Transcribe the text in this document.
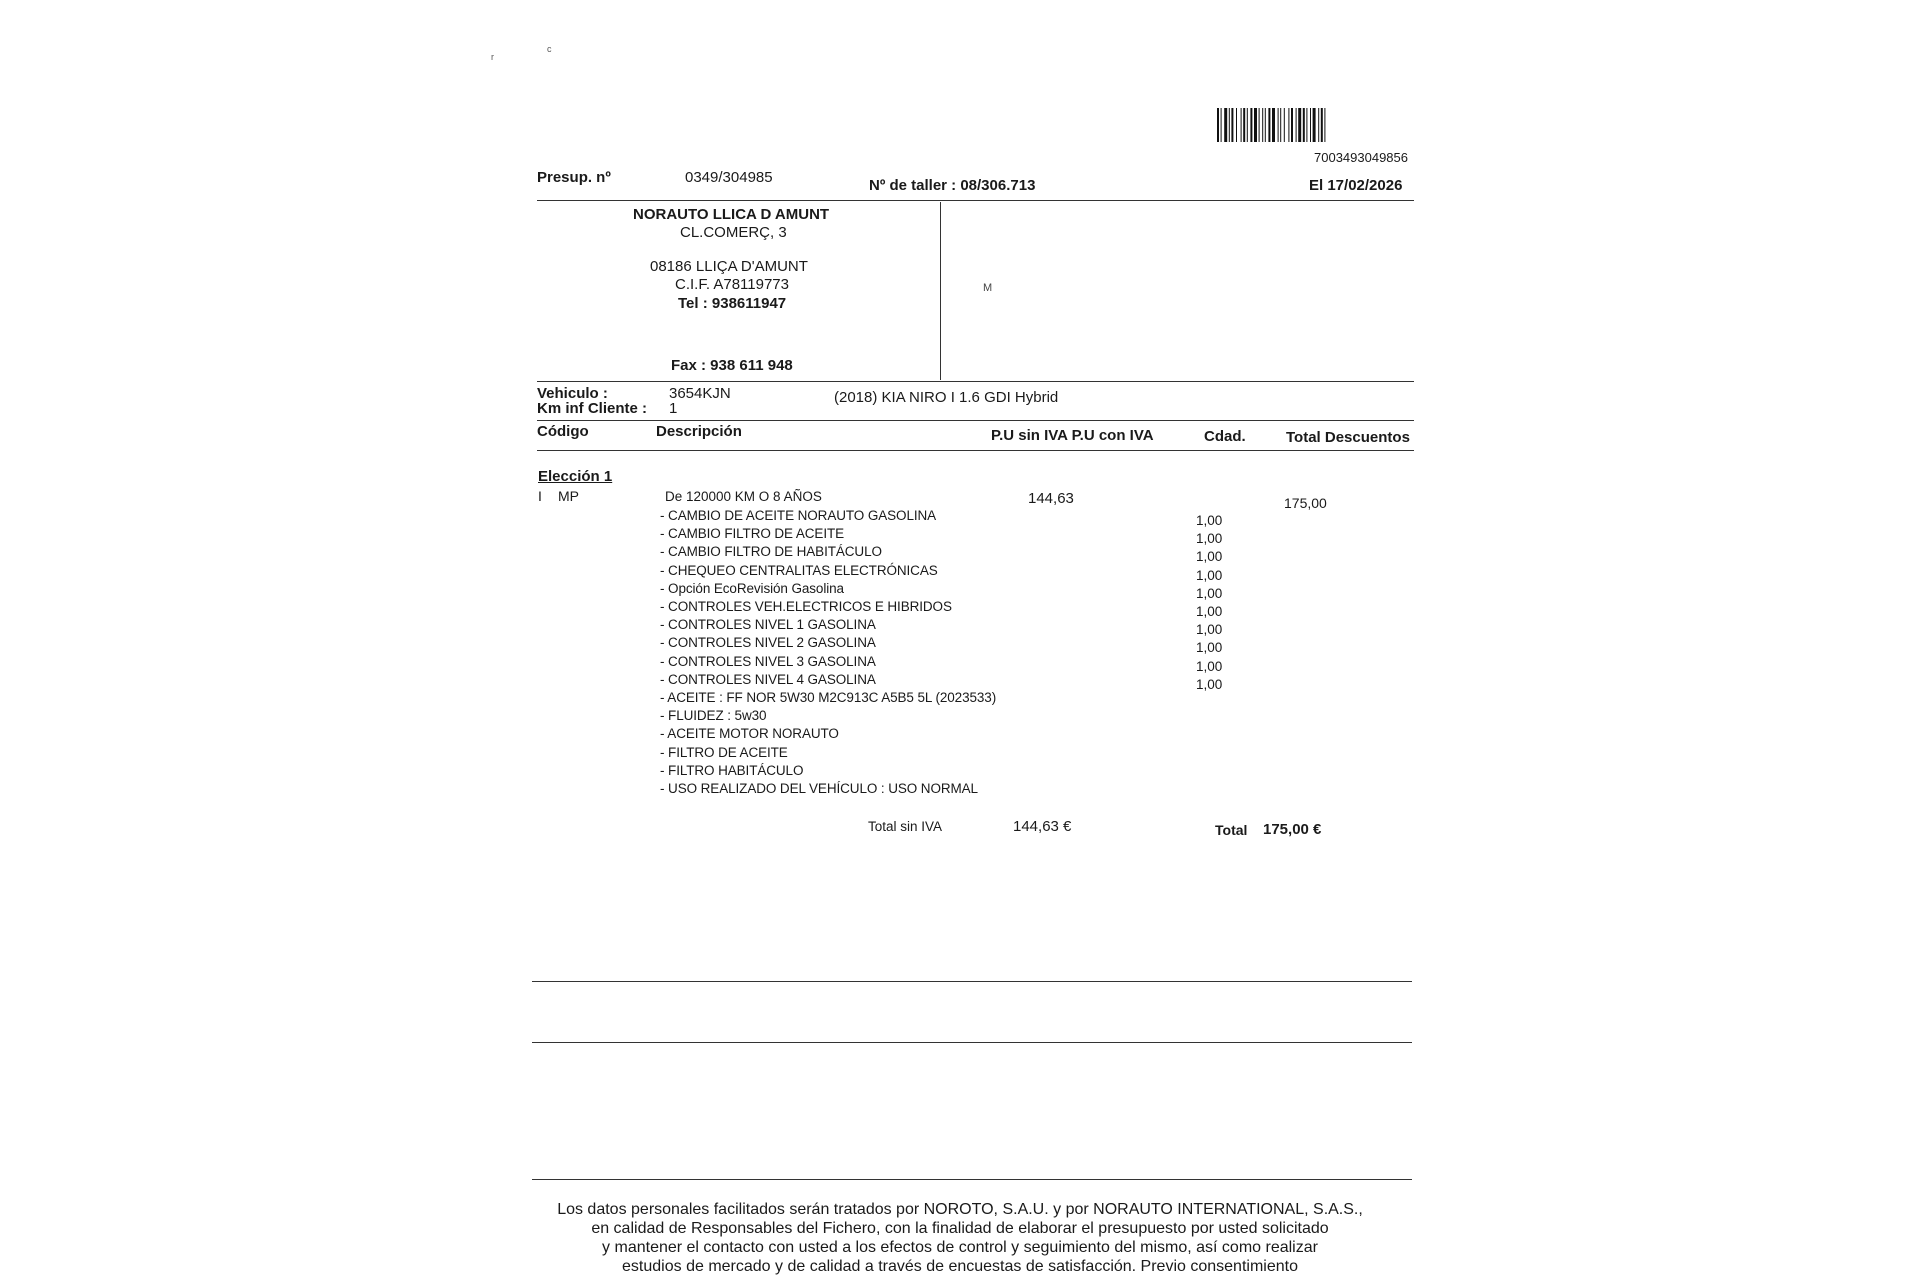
r
c
7003493049856
Presup. nº	0349/304985	Nº de taller : 08/306.713	El 17/02/2026
NORAUTO LLICA D AMUNT
CL.COMERÇ, 3
08186 LLIÇA D'AMUNT
C.I.F. A78119773
Tel : 938611947
Fax : 938 611 948
M
Vehiculo :	3654KJN	(2018) KIA NIRO I 1.6 GDI Hybrid
Km inf Cliente : 1
Código	Descripción	P.U sin IVA P.U con IVA	Cdad.	Total Descuentos
Elección 1
I MP	De 120000 KM O 8 AÑOS	144,63	175,00
- CAMBIO DE ACEITE NORAUTO GASOLINA	1,00
- CAMBIO FILTRO DE ACEITE	1,00
- CAMBIO FILTRO DE HABITÁCULO	1,00
- CHEQUEO CENTRALITAS ELECTRÓNICAS	1,00
- Opción EcoRevisión Gasolina	1,00
- CONTROLES VEH.ELECTRICOS E HIBRIDOS	1,00
- CONTROLES NIVEL 1 GASOLINA	1,00
- CONTROLES NIVEL 2 GASOLINA	1,00
- CONTROLES NIVEL 3 GASOLINA	1,00
- CONTROLES NIVEL 4 GASOLINA	1,00
- ACEITE : FF NOR 5W30 M2C913C A5B5 5L (2023533)
- FLUIDEZ : 5w30
- ACEITE MOTOR NORAUTO
- FILTRO DE ACEITE
- FILTRO HABITÁCULO
- USO REALIZADO DEL VEHÍCULO : USO NORMAL
Total sin IVA	144,63 €	Total 175,00 €
Los datos personales facilitados serán tratados por NOROTO, S.A.U. y por NORAUTO INTERNATIONAL, S.A.S.,
en calidad de Responsables del Fichero, con la finalidad de elaborar el presupuesto por usted solicitado
y mantener el contacto con usted a los efectos de control y seguimiento del mismo, así como realizar
estudios de mercado y de calidad a través de encuestas de satisfacción. Previo consentimiento
